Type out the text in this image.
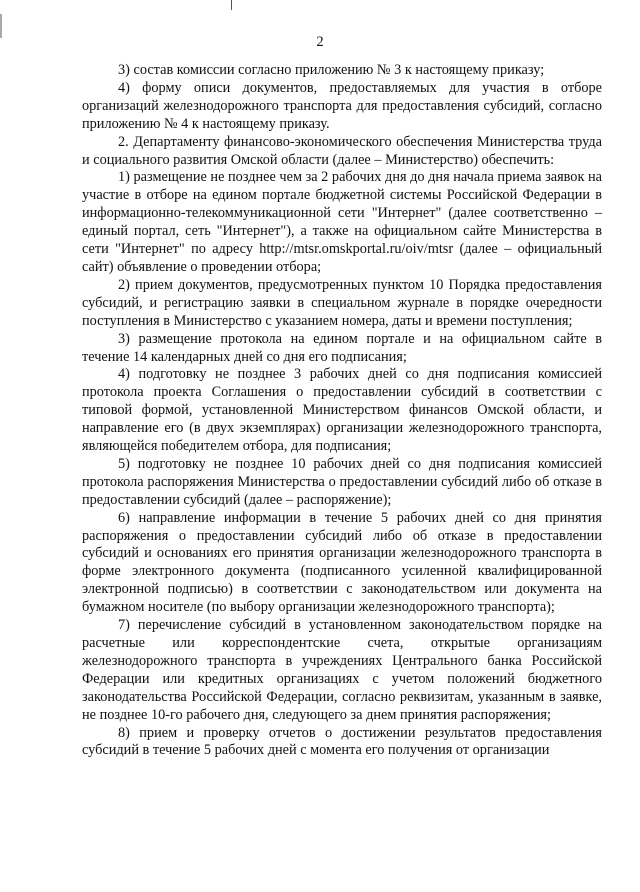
2

3) состав комиссии согласно приложению № 3 к настоящему приказу;

4) форму описи документов, предоставляемых для участия в отборе организаций железнодорожного транспорта для предоставления субсидий, согласно приложению № 4 к настоящему приказу.

2. Департаменту финансово-экономического обеспечения Министерства труда и социального развития Омской области (далее – Министерство) обеспечить:

1) размещение не позднее чем за 2 рабочих дня до дня начала приема заявок на участие в отборе на едином портале бюджетной системы Российской Федерации в информационно-телекоммуникационной сети "Интернет" (далее соответственно – единый портал, сеть "Интернет"), а также на официальном сайте Министерства в сети "Интернет" по адресу http://mtsr.omskportal.ru/oiv/mtsr (далее – официальный сайт) объявление о проведении отбора;

2) прием документов, предусмотренных пунктом 10 Порядка предоставления субсидий, и регистрацию заявки в специальном журнале в порядке очередности поступления в Министерство с указанием номера, даты и времени поступления;

3) размещение протокола на едином портале и на официальном сайте в течение 14 календарных дней со дня его подписания;

4) подготовку не позднее 3 рабочих дней со дня подписания комиссией протокола проекта Соглашения о предоставлении субсидий в соответствии с типовой формой, установленной Министерством финансов Омской области, и направление его (в двух экземплярах) организации железнодорожного транспорта, являющейся победителем отбора, для подписания;

5) подготовку не позднее 10 рабочих дней со дня подписания комиссией протокола распоряжения Министерства о предоставлении субсидий либо об отказе в предоставлении субсидий (далее – распоряжение);

6) направление информации в течение 5 рабочих дней со дня принятия распоряжения о предоставлении субсидий либо об отказе в предоставлении субсидий и основаниях его принятия организации железнодорожного транспорта в форме электронного документа (подписанного усиленной квалифицированной электронной подписью) в соответствии с законодательством или документа на бумажном носителе (по выбору организации железнодорожного транспорта);

7) перечисление субсидий в установленном законодательством порядке на расчетные или корреспондентские счета, открытые организациям железнодорожного транспорта в учреждениях Центрального банка Российской Федерации или кредитных организациях с учетом положений бюджетного законодательства Российской Федерации, согласно реквизитам, указанным в заявке, не позднее 10-го рабочего дня, следующего за днем принятия распоряжения;

8) прием и проверку отчетов о достижении результатов предоставления субсидий в течение 5 рабочих дней с момента его получения от организации
